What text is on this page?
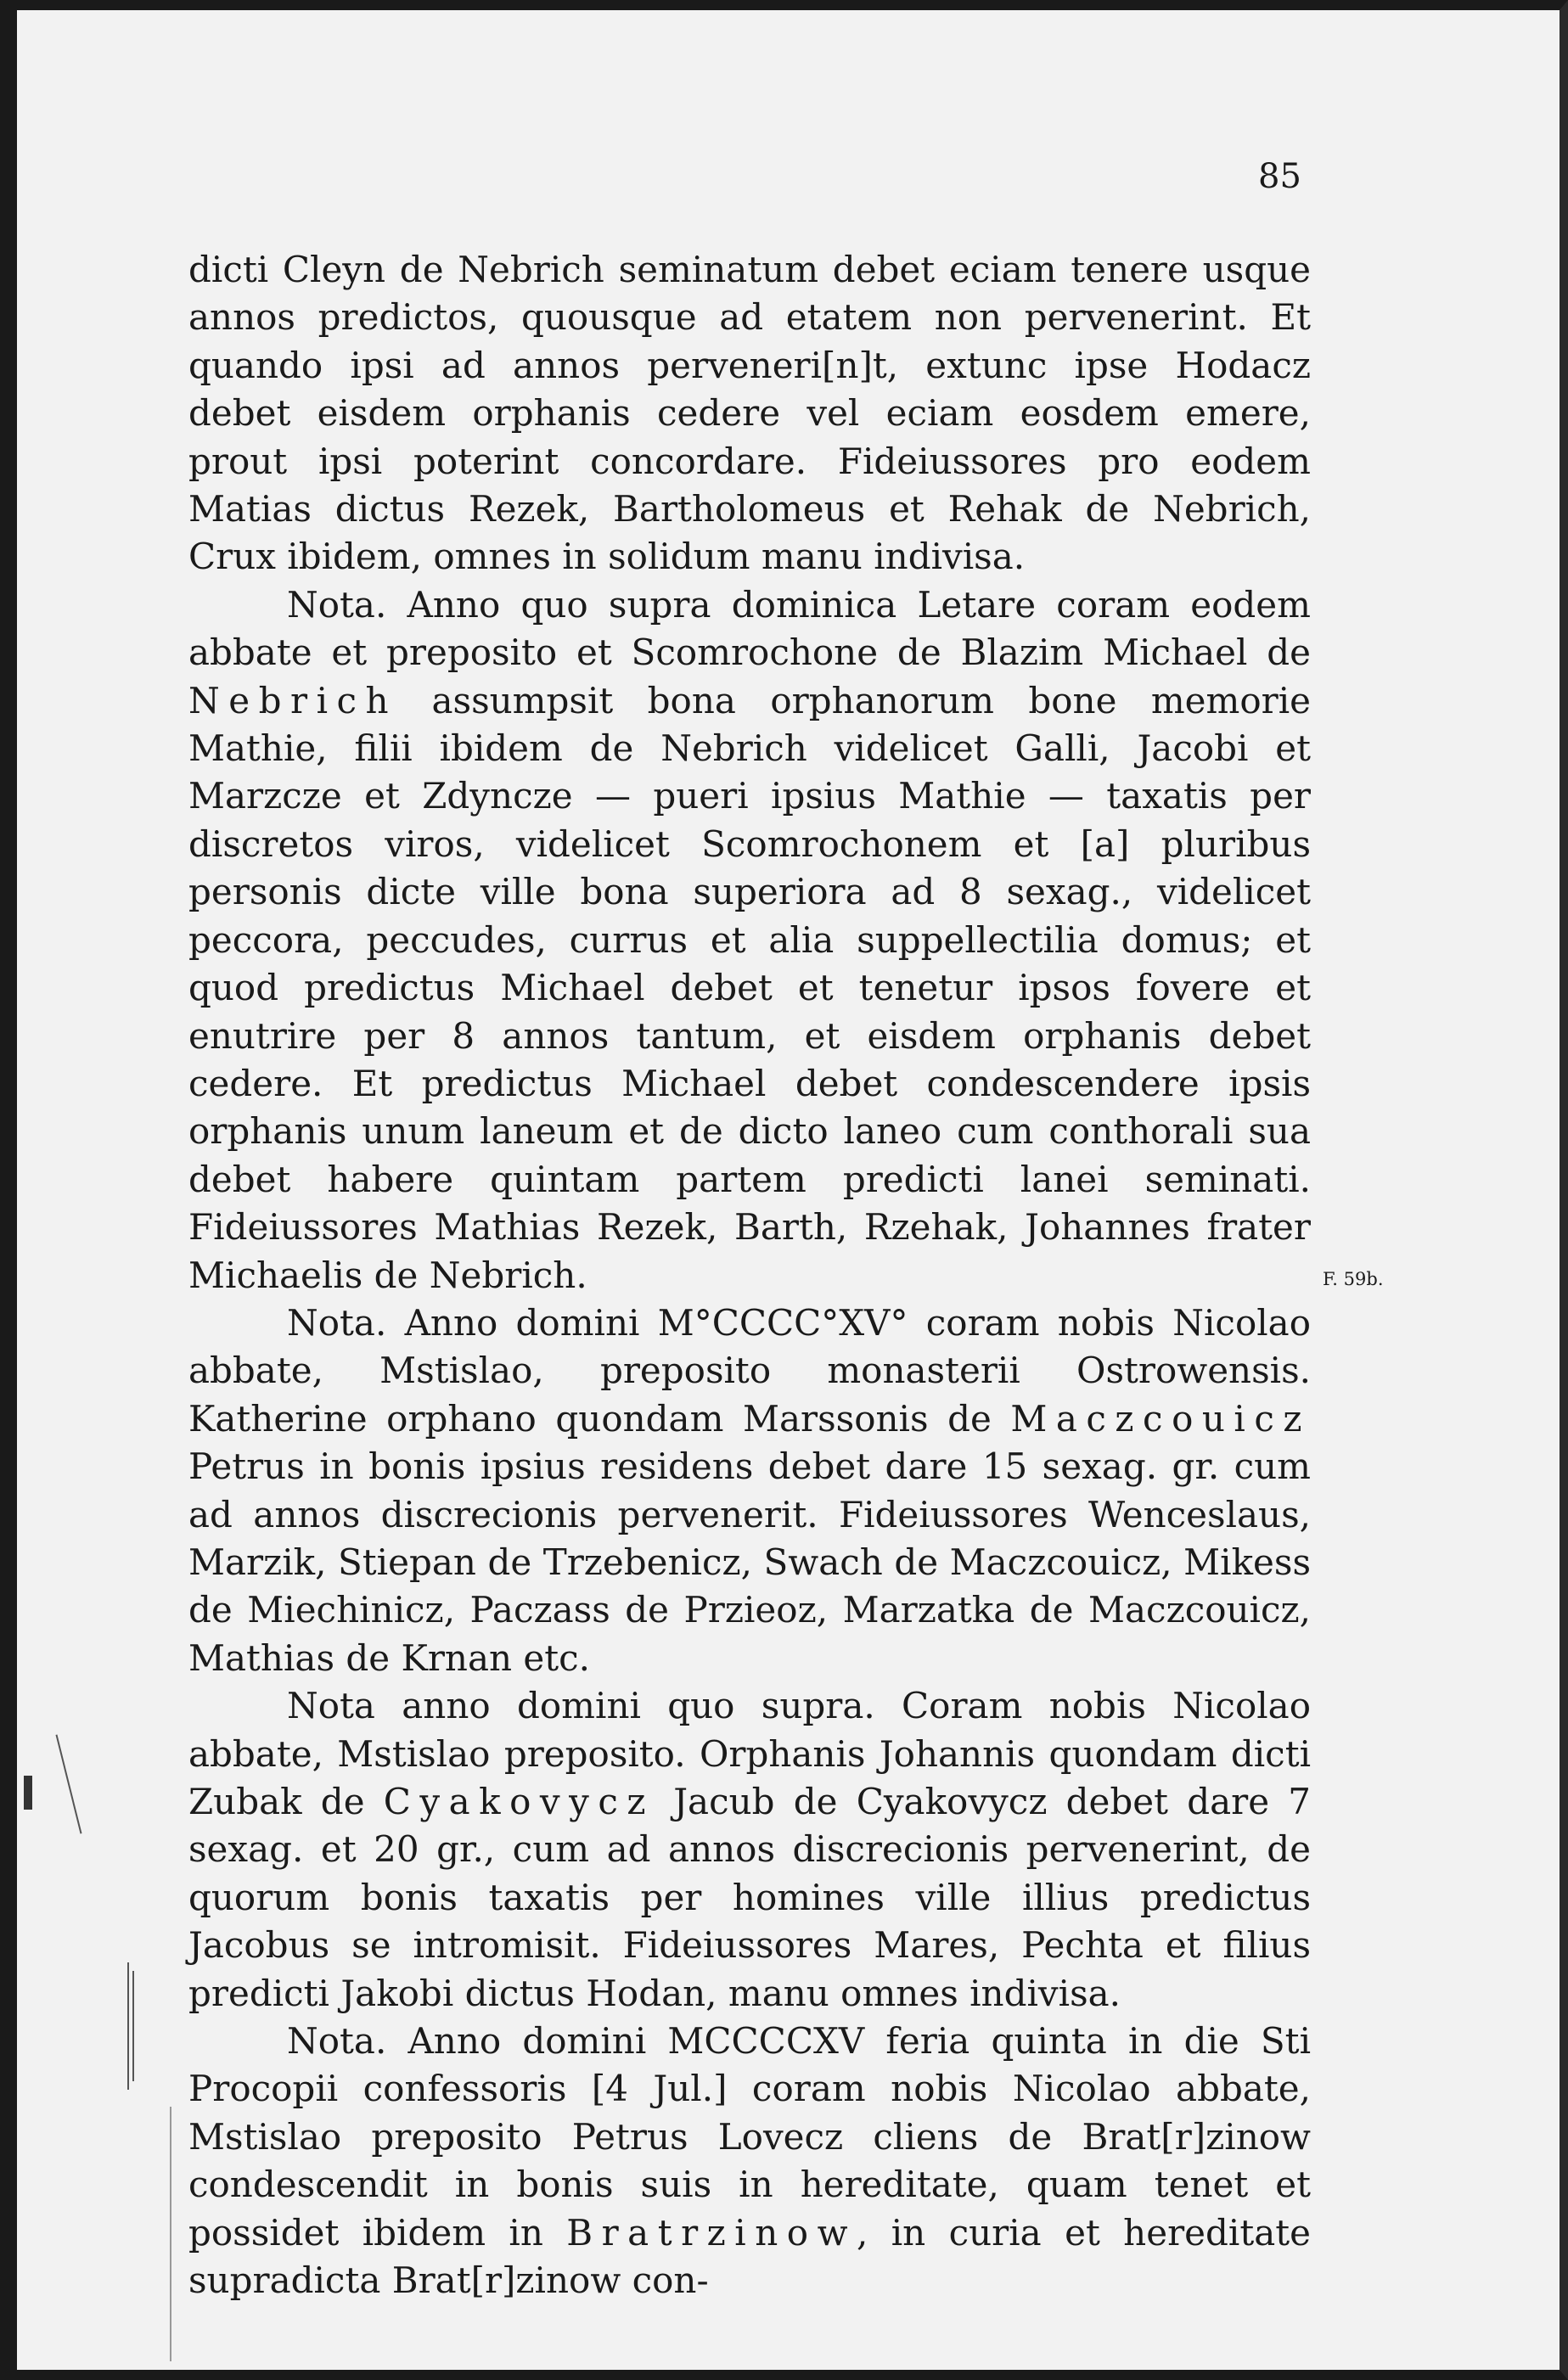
85

dicti Cleyn de Nebrich seminatum debet eciam tenere usque annos predictos, quousque ad etatem non pervenerint. Et quando ipsi ad annos perveneri[n]t, extunc ipse Hodacz debet eisdem orphanis cedere vel eciam eosdem emere, prout ipsi poterint concordare. Fideiussores pro eodem Matias dictus Rezek, Bartholomeus et Rehak de Nebrich, Crux ibidem, omnes in solidum manu indivisa.

Nota. Anno quo supra dominica Letare coram eodem abbate et preposito et Scomrochone de Blazim Michael de Nebrich assumpsit bona orphanorum bone memorie Mathie, filii ibidem de Nebrich videlicet Galli, Jacobi et Marzcze et Zdyncze — pueri ipsius Mathie — taxatis per discretos viros, videlicet Scomrochonem et [a] pluribus personis dicte ville bona superiora ad 8 sexag., videlicet peccora, peccudes, currus et alia suppellectilia domus; et quod predictus Michael debet et tenetur ipsos fovere et enutrire per 8 annos tantum, et eisdem orphanis debet cedere. Et predictus Michael debet condescendere ipsis orphanis unum laneum et de dicto laneo cum conthorali sua debet habere quintam partem predicti lanei seminati. Fideiussores Mathias Rezek, Barth, Rzehak, Johannes frater Michaelis de Nebrich.

Nota. Anno domini M°CCCC°XV° coram nobis Nicolao abbate, Mstislao, preposito monasterii Ostrowensis. Katherine orphano quondam Marssonis de Maczcouicz Petrus in bonis ipsius residens debet dare 15 sexag. gr. cum ad annos discrecionis pervenerit. Fideiussores Wenceslaus, Marzik, Stiepan de Trzebenicz, Swach de Maczcouicz, Mikess de Miechinicz, Paczass de Przieoz, Marzatka de Maczcouicz, Mathias de Krnan etc.

Nota anno domini quo supra. Coram nobis Nicolao abbate, Mstislao preposito. Orphanis Johannis quondam dicti Zubak de Cyakovycz Jacub de Cyakovycz debet dare 7 sexag. et 20 gr., cum ad annos discrecionis pervenerint, de quorum bonis taxatis per homines ville illius predictus Jacobus se intromisit. Fideiussores Mares, Pechta et filius predicti Jakobi dictus Hodan, manu omnes indivisa.

Nota. Anno domini MCCCCXV feria quinta in die Sti Procopii confessoris [4 Jul.] coram nobis Nicolao abbate, Mstislao preposito Petrus Lovecz cliens de Brat[r]zinow condescendit in bonis suis in hereditate, quam tenet et possidet ibidem in Bratrzinow, in curia et hereditate supradicta Brat[r]zinow con-

F. 59b.
